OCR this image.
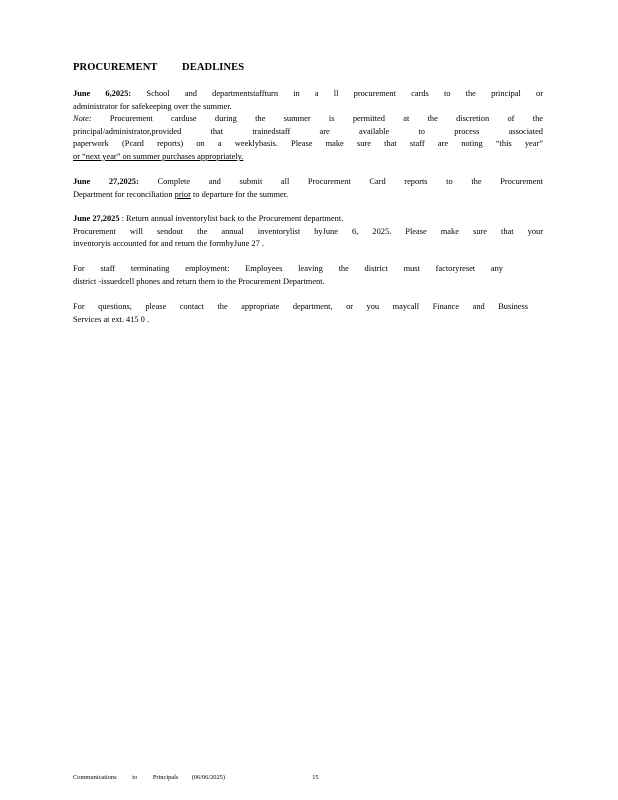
PROCUREMENT DEADLINES
June 6,2025: School and departmentstaffturn in a ll procurement cards to the principal or
administrator for safekeeping over the summer.
Note: Procurement carduse during the summer is permitted at the discretion of the
principal/administrator,provided that trainedstaff are available to process associated
paperwork (Pcard reports) on a weeklybasis. Please make sure that staff are noting “this year”
or “next year” on summer purchases appropriately.
June 27,2025: Complete and submit all Procurement Card reports to the Procurement
Department for reconciliation prior to departure for the summer.
June 27,2025 : Return annual inventorylist back to the Procurement department.
Procurement will sendout the annual inventorylist byJune 6, 2025. Please make sure that your
inventoryis accounted for and return the formbyJune 27 .
For staff terminating employment: Employees leaving the district must factoryreset any
district -issuedcell phones and return them to the Procurement Department.
For questions, please contact the appropriate department, or you maycall Finance and Business
Services at ext. 415 0 .
Communications to Principals (06/06/2025)	15
